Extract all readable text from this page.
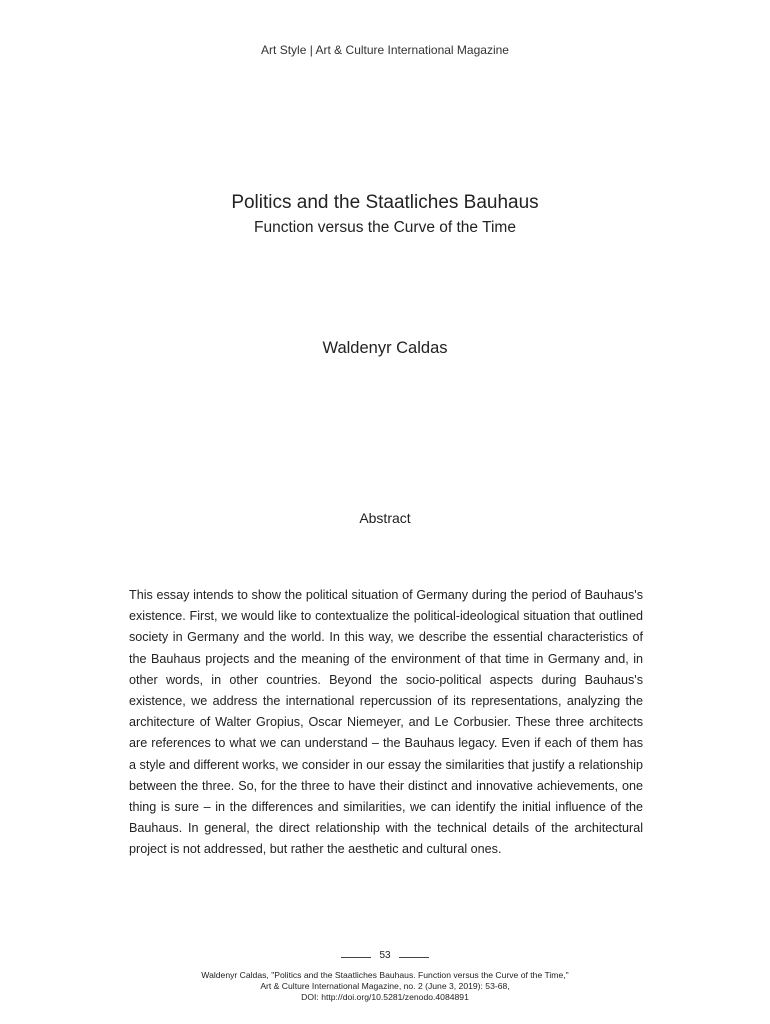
Art Style | Art & Culture International Magazine
Politics and the Staatliches Bauhaus
Function versus the Curve of the Time
Waldenyr Caldas
Abstract
This essay intends to show the political situation of Germany during the period of Bauhaus's existence. First, we would like to contextualize the political-ideological situation that outlined society in Germany and the world. In this way, we describe the essential characteristics of the Bauhaus projects and the meaning of the environment of that time in Germany and, in other words, in other countries. Beyond the socio-political aspects during Bauhaus's existence, we address the international repercussion of its representations, analyzing the architecture of Walter Gropius, Oscar Niemeyer, and Le Corbusier. These three architects are references to what we can understand – the Bauhaus legacy. Even if each of them has a style and different works, we consider in our essay the similarities that justify a relationship between the three. So, for the three to have their distinct and innovative achievements, one thing is sure – in the differences and similarities, we can identify the initial influence of the Bauhaus. In general, the direct relationship with the technical details of the architectural project is not addressed, but rather the aesthetic and cultural ones.
53
Waldenyr Caldas, "Politics and the Staatliches Bauhaus. Function versus the Curve of the Time,"
Art & Culture International Magazine, no. 2 (June 3, 2019): 53-68,
DOI: http://doi.org/10.5281/zenodo.4084891
